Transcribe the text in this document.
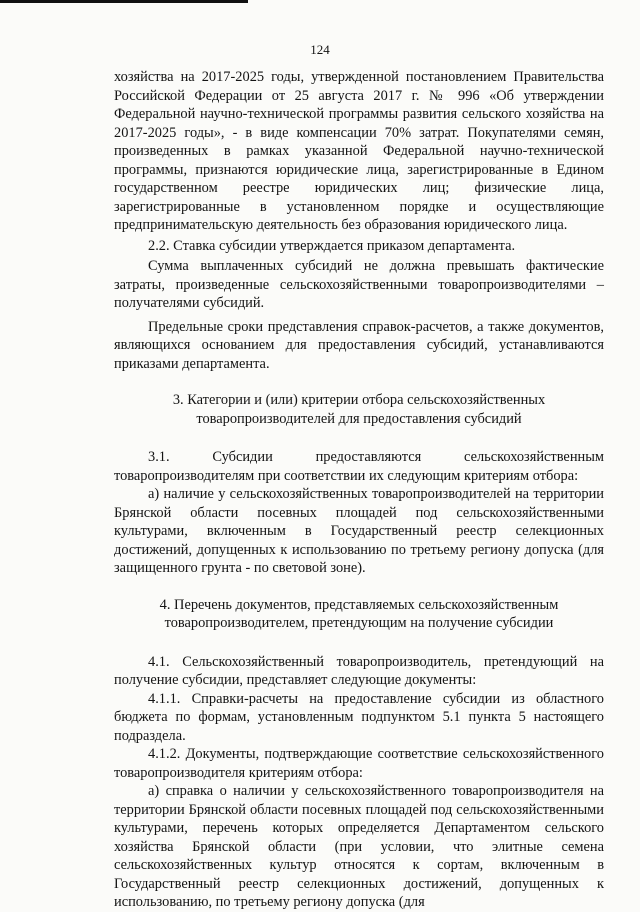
124

хозяйства на 2017-2025 годы, утвержденной постановлением Правительства Российской Федерации от 25 августа 2017 г. № 996 «Об утверждении Федеральной научно-технической программы развития сельского хозяйства на 2017-2025 годы», - в виде компенсации 70% затрат. Покупателями семян, произведенных в рамках указанной Федеральной научно-технической программы, признаются юридические лица, зарегистрированные в Едином государственном реестре юридических лиц; физические лица, зарегистрированные в установленном порядке и осуществляющие предпринимательскую деятельность без образования юридического лица.

2.2. Ставка субсидии утверждается приказом департамента.

Сумма выплаченных субсидий не должна превышать фактические затраты, произведенные сельскохозяйственными товаропроизводителями – получателями субсидий.

Предельные сроки представления справок-расчетов, а также документов, являющихся основанием для предоставления субсидий, устанавливаются приказами департамента.

3. Категории и (или) критерии отбора сельскохозяйственных

товаропроизводителей для предоставления субсидий

3.1. Субсидии предоставляются сельскохозяйственным товаропроизводителям при соответствии их следующим критериям отбора:

а) наличие у сельскохозяйственных товаропроизводителей на территории Брянской области посевных площадей под сельскохозяйственными культурами, включенным в Государственный реестр селекционных достижений, допущенных к использованию по третьему региону допуска (для защищенного грунта - по световой зоне).

4. Перечень документов, представляемых сельскохозяйственным

товаропроизводителем, претендующим на получение субсидии

4.1. Сельскохозяйственный товаропроизводитель, претендующий на получение субсидии, представляет следующие документы:

4.1.1. Справки-расчеты на предоставление субсидии из областного бюджета по формам, установленным подпунктом 5.1 пункта 5 настоящего подраздела.

4.1.2. Документы, подтверждающие соответствие сельскохозяйственного товаропроизводителя критериям отбора:

а) справка о наличии у сельскохозяйственного товаропроизводителя на территории Брянской области посевных площадей под сельскохозяйственными культурами, перечень которых определяется Департаментом сельского хозяйства Брянской области (при условии, что элитные семена сельскохозяйственных культур относятся к сортам, включенным в Государственный реестр селекционных достижений, допущенных к использованию, по третьему региону допуска (для
